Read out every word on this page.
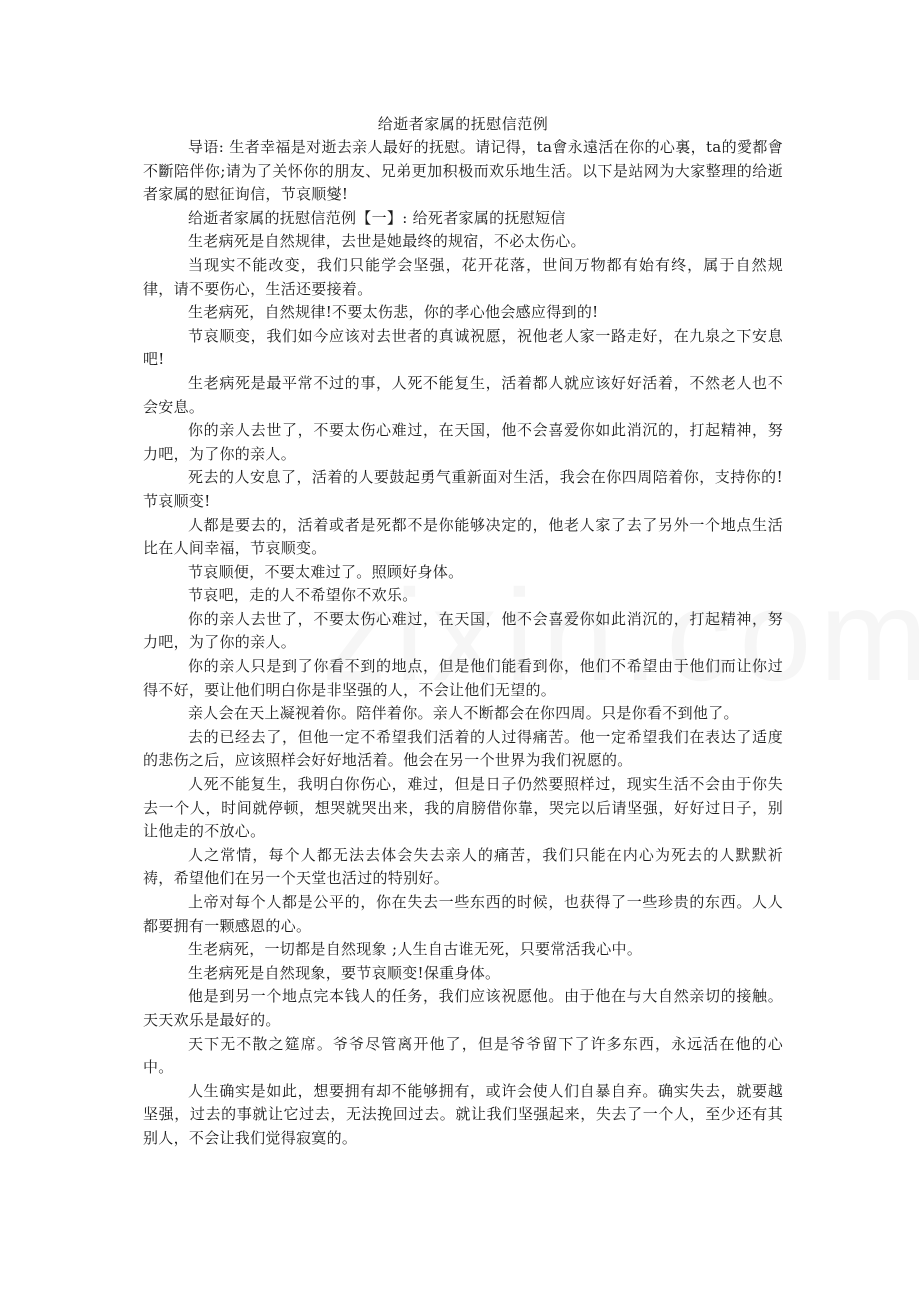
给逝者家属的抚慰信范例

导语: 生者幸福是对逝去亲人最好的抚慰。请记得，ta會永遠活在你的心裏，ta的愛都會不斷陪伴你;请为了关怀你的朋友、兄弟更加积极而欢乐地生活。以下是站网为大家整理的给逝者家属的慰征询信，节哀顺燮!

给逝者家属的抚慰信范例【一】: 给死者家属的抚慰短信

生老病死是自然规律，去世是她最终的规宿，不必太伤心。

当现实不能改变，我们只能学会坚强，花开花落，世间万物都有始有终，属于自然规律，请不要伤心，生活还要接着。

生老病死，自然规律!不要太伤悲，你的孝心他会感应得到的!

节哀顺变，我们如今应该对去世者的真诚祝愿，祝他老人家一路走好，在九泉之下安息吧!

生老病死是最平常不过的事，人死不能复生，活着都人就应该好好活着，不然老人也不会安息。

你的亲人去世了，不要太伤心难过，在天国，他不会喜爱你如此消沉的，打起精神，努力吧，为了你的亲人。

死去的人安息了，活着的人要鼓起勇气重新面对生活，我会在你四周陪着你，支持你的!节哀顺变!

人都是要去的，活着或者是死都不是你能够决定的，他老人家了去了另外一个地点生活比在人间幸福，节哀顺变。

节哀顺便，不要太难过了。照顾好身体。

节哀吧，走的人不希望你不欢乐。

你的亲人去世了，不要太伤心难过，在天国，他不会喜爱你如此消沉的，打起精神，努力吧，为了你的亲人。

你的亲人只是到了你看不到的地点，但是他们能看到你，他们不希望由于他们而让你过得不好，要让他们明白你是非坚强的人，不会让他们无望的。

亲人会在天上凝视着你。陪伴着你。亲人不断都会在你四周。只是你看不到他了。

去的已经去了，但他一定不希望我们活着的人过得痛苦。他一定希望我们在表达了适度的悲伤之后，应该照样会好好地活着。他会在另一个世界为我们祝愿的。

人死不能复生，我明白你伤心，难过，但是日子仍然要照样过，现实生活不会由于你失去一个人，时间就停顿，想哭就哭出来，我的肩膀借你靠，哭完以后请坚强，好好过日子，别让他走的不放心。

人之常情，每个人都无法去体会失去亲人的痛苦，我们只能在内心为死去的人默默祈祷，希望他们在另一个天堂也活过的特别好。

上帝对每个人都是公平的，你在失去一些东西的时候，也获得了一些珍贵的东西。人人都要拥有一颗感恩的心。

生老病死，一切都是自然现象 ;人生自古谁无死，只要常活我心中。

生老病死是自然现象，要节哀顺变!保重身体。

他是到另一个地点完本钱人的任务，我们应该祝愿他。由于他在与大自然亲切的接触。天天欢乐是最好的。

天下无不散之筵席。爷爷尽管离开他了，但是爷爷留下了许多东西，永远活在他的心中。

人生确实是如此，想要拥有却不能够拥有，或许会使人们自暴自弃。确实失去，就要越坚强，过去的事就让它过去，无法挽回过去。就让我们坚强起来，失去了一个人，至少还有其别人，不会让我们觉得寂寞的。
